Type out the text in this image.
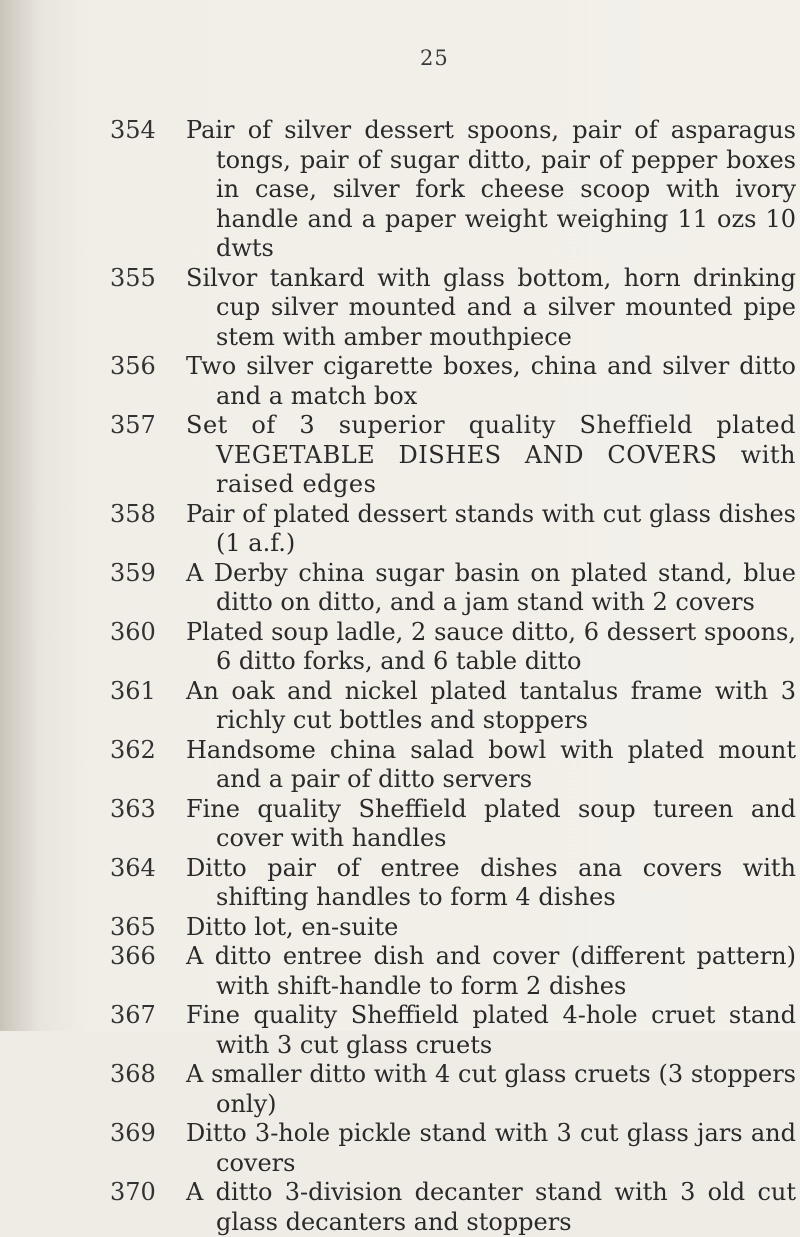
25
354	Pair of silver dessert spoons, pair of asparagus tongs, pair of sugar ditto, pair of pepper boxes in case, silver fork cheese scoop with ivory handle and a paper weight weighing 11 ozs 10 dwts
355	Silvor tankard with glass bottom, horn drinking cup silver mounted and a silver mounted pipe stem with amber mouthpiece
356	Two silver cigarette boxes, china and silver ditto and a match box
357	Set of 3 superior quality Sheffield plated VEGETABLE DISHES AND COVERS with raised edges
358	Pair of plated dessert stands with cut glass dishes (1 a.f.)
359	A Derby china sugar basin on plated stand, blue ditto on ditto, and a jam stand with 2 covers
360	Plated soup ladle, 2 sauce ditto, 6 dessert spoons, 6 ditto forks, and 6 table ditto
361	An oak and nickel plated tantalus frame with 3 richly cut bottles and stoppers
362	Handsome china salad bowl with plated mount and a pair of ditto servers
363	Fine quality Sheffield plated soup tureen and cover with handles
364	Ditto pair of entree dishes ana covers with shifting handles to form 4 dishes
365	Ditto lot, en-suite
366	A ditto entree dish and cover (different pattern) with shift-handle to form 2 dishes
367	Fine quality Sheffield plated 4-hole cruet stand with 3 cut glass cruets
368	A smaller ditto with 4 cut glass cruets (3 stoppers only)
369	Ditto 3-hole pickle stand with 3 cut glass jars and covers
370	A ditto 3-division decanter stand with 3 old cut glass decanters and stoppers
